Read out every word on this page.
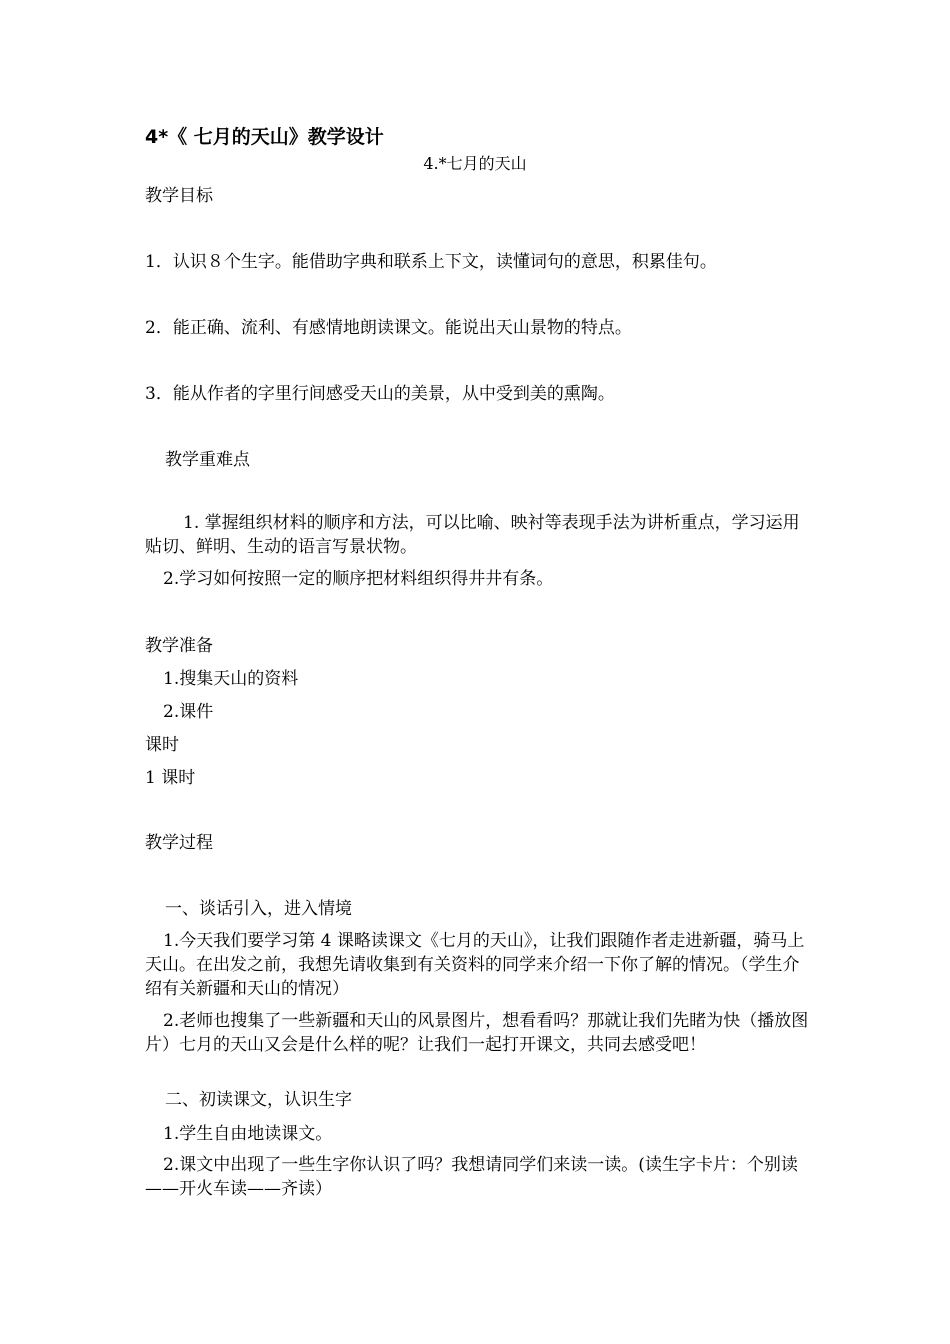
4*《 七月的天山》教学设计

4.*七月的天山

教学目标

1．认识８个生字。能借助字典和联系上下文，读懂词句的意思，积累佳句。

2．能正确、流利、有感情地朗读课文。能说出天山景物的特点。

3．能从作者的字里行间感受天山的美景，从中受到美的熏陶。

教学重难点

1. 掌握组织材料的顺序和方法，可以比喻、映衬等表现手法为讲析重点，学习运用贴切、鲜明、生动的语言写景状物。

2.学习如何按照一定的顺序把材料组织得井井有条。

教学准备

1.搜集天山的资料

2.课件

课时

1 课时

教学过程

一、谈话引入，进入情境

1.今天我们要学习第 4 课略读课文《七月的天山》，让我们跟随作者走进新疆，骑马上天山。在出发之前，我想先请收集到有关资料的同学来介绍一下你了解的情况。（学生介绍有关新疆和天山的情况）

2.老师也搜集了一些新疆和天山的风景图片，想看看吗？那就让我们先睹为快（播放图片）七月的天山又会是什么样的呢？让我们一起打开课文，共同去感受吧！

二、初读课文，认识生字

1.学生自由地读课文。

2.课文中出现了一些生字你认识了吗？我想请同学们来读一读。(读生字卡片：个别读——开火车读——齐读）
